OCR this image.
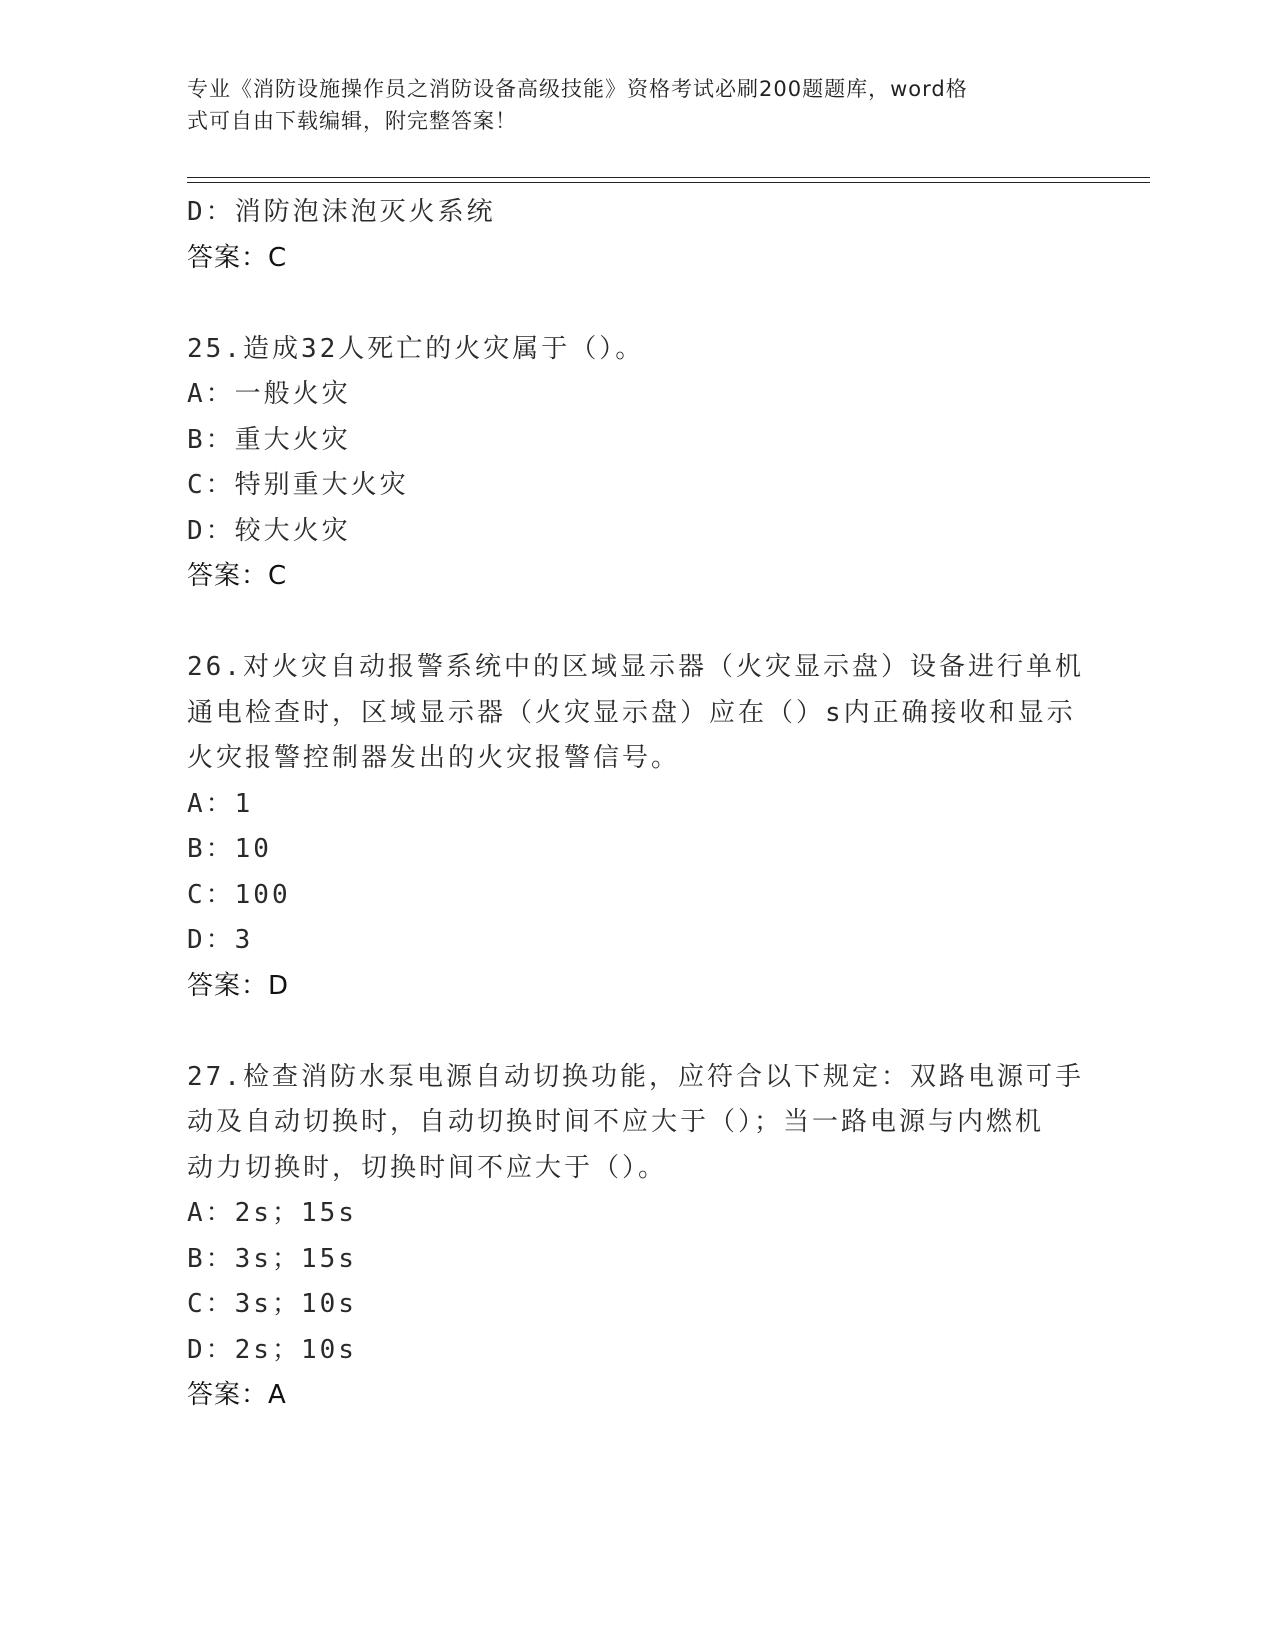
专业《消防设施操作员之消防设备高级技能》资格考试必刷200题题库，word格
式可自由下载编辑，附完整答案！
D：消防泡沫泡灭火系统
答案：C
25.造成32人死亡的火灾属于（）。
A：一般火灾
B：重大火灾
C：特别重大火灾
D：较大火灾
答案：C
26.对火灾自动报警系统中的区域显示器（火灾显示盘）设备进行单机
通电检查时，区域显示器（火灾显示盘）应在（）s内正确接收和显示
火灾报警控制器发出的火灾报警信号。
A：1
B：10
C：100
D：3
答案：D
27.检查消防水泵电源自动切换功能，应符合以下规定：双路电源可手
动及自动切换时，自动切换时间不应大于（）；当一路电源与内燃机
动力切换时，切换时间不应大于（）。
A：2s；15s
B：3s；15s
C：3s；10s
D：2s；10s
答案：A
